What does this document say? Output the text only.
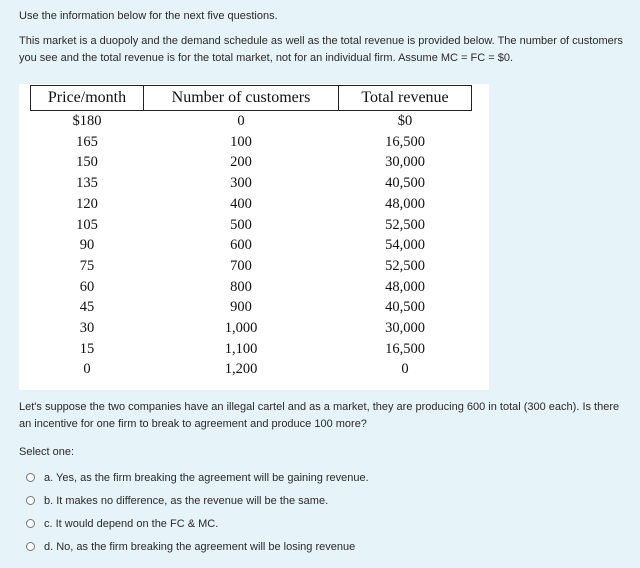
Use the information below for the next five questions.

This market is a duopoly and the demand schedule as well as the total revenue is provided below. The number of customers you see and the total revenue is for the total market, not for an individual firm. Assume MC = FC = $0.

Price/month	Number of customers	Total revenue
$180	0	$0
165	100	16,500
150	200	30,000
135	300	40,500
120	400	48,000
105	500	52,500
90	600	54,000
75	700	52,500
60	800	48,000
45	900	40,500
30	1,000	30,000
15	1,100	16,500
0	1,200	0

Let's suppose the two companies have an illegal cartel and as a market, they are producing 600 in total (300 each). Is there an incentive for one firm to break to agreement and produce 100 more?

Select one:
a. Yes, as the firm breaking the agreement will be gaining revenue.
b. It makes no difference, as the revenue will be the same.
c. It would depend on the FC & MC.
d. No, as the firm breaking the agreement will be losing revenue
